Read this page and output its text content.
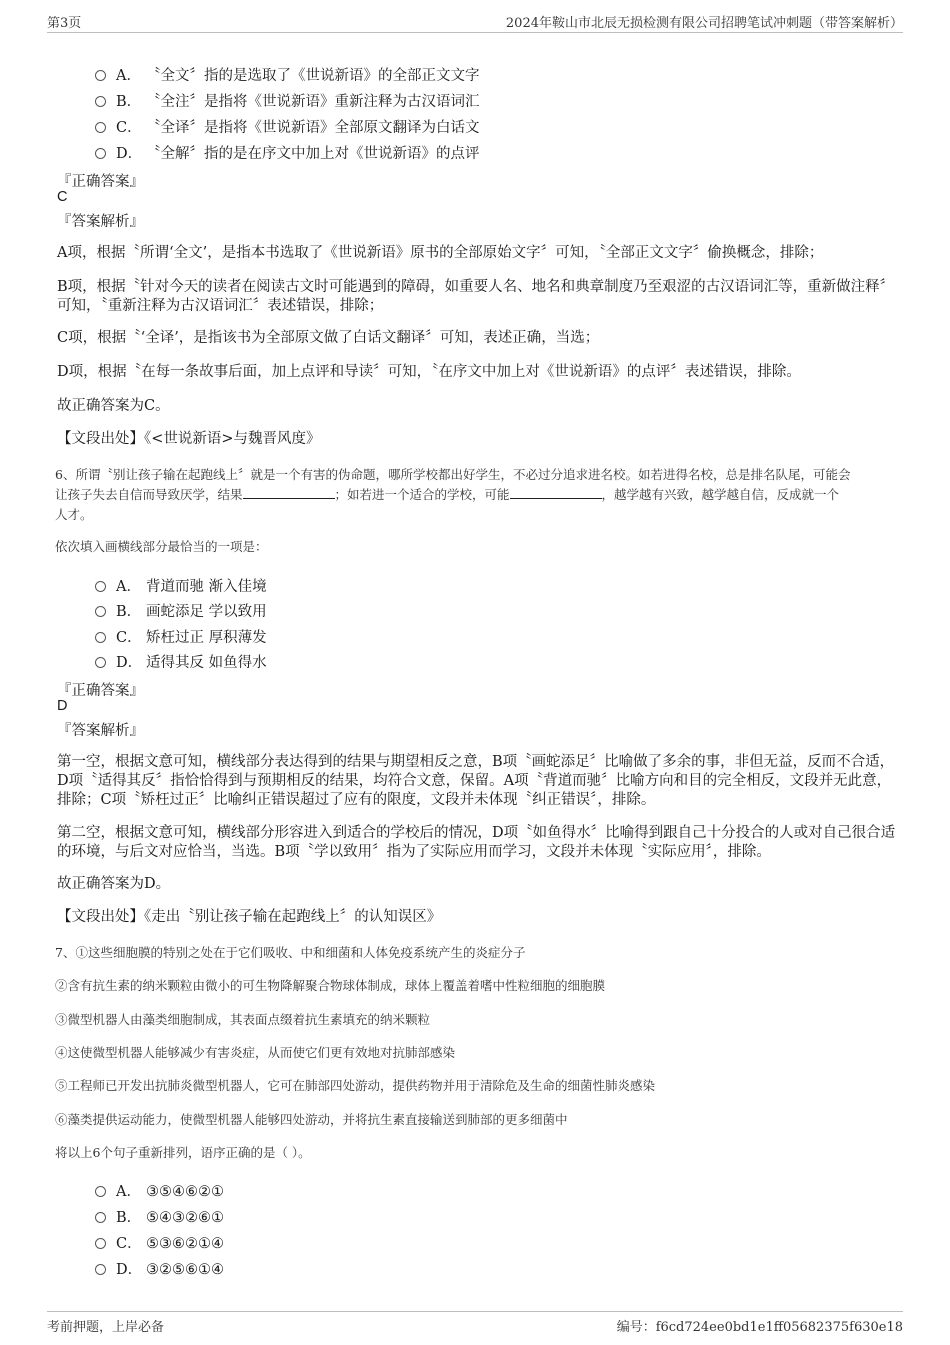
第3页	2024年鞍山市北辰无损检测有限公司招聘笔试冲刺题（带答案解析）
A． 〝全文〞指的是选取了《世说新语》的全部正文文字
B． 〝全注〞是指将《世说新语》重新注释为古汉语词汇
C． 〝全译〞是指将《世说新语》全部原文翻译为白话文
D． 〝全解〞指的是在序文中加上对《世说新语》的点评
『正确答案』
C
『答案解析』
A项，根据〝所谓‘全文’，是指本书选取了《世说新语》原书的全部原始文字〞可知，〝全部正文文字〞偷换概念，排除；
B项，根据〝针对今天的读者在阅读古文时可能遇到的障碍，如重要人名、地名和典章制度乃至艰涩的古汉语词汇等，重新做注释〞可知，〝重新注释为古汉语词汇〞表述错误，排除；
C项，根据〝‘全译’，是指该书为全部原文做了白话文翻译〞可知，表述正确，当选；
D项，根据〝在每一条故事后面，加上点评和导读〞可知，〝在序文中加上对《世说新语》的点评〞表述错误，排除。
故正确答案为C。
【文段出处】《<世说新语>与魏晋风度》
6、所谓〝别让孩子输在起跑线上〞就是一个有害的伪命题，哪所学校都出好学生，不必过分追求进名校。如若进得名校，总是排名队尾，可能会
让孩子失去自信而导致厌学，结果	；如若进一个适合的学校，可能	，越学越有兴致，越学越自信，反成就一个
人才。
依次填入画横线部分最恰当的一项是：
A． 背道而驰 渐入佳境
B． 画蛇添足 学以致用
C． 矫枉过正 厚积薄发
D． 适得其反 如鱼得水
『正确答案』
D
『答案解析』
第一空，根据文意可知，横线部分表达得到的结果与期望相反之意，B项〝画蛇添足〞比喻做了多余的事，非但无益，反而不合适，D项〝适得其反〞指恰恰得到与预期相反的结果，均符合文意，保留。A项〝背道而驰〞比喻方向和目的完全相反，文段并无此意，排除；C项〝矫枉过正〞比喻纠正错误超过了应有的限度，文段并未体现〝纠正错误〞，排除。
第二空，根据文意可知，横线部分形容进入到适合的学校后的情况，D项〝如鱼得水〞比喻得到跟自己十分投合的人或对自己很合适的环境，与后文对应恰当，当选。B项〝学以致用〞指为了实际应用而学习，文段并未体现〝实际应用〞，排除。
故正确答案为D。
【文段出处】《走出〝别让孩子输在起跑线上〞的认知误区》
7、①这些细胞膜的特别之处在于它们吸收、中和细菌和人体免疫系统产生的炎症分子
②含有抗生素的纳米颗粒由微小的可生物降解聚合物球体制成，球体上覆盖着嗜中性粒细胞的细胞膜
③微型机器人由藻类细胞制成，其表面点缀着抗生素填充的纳米颗粒
④这使微型机器人能够减少有害炎症，从而使它们更有效地对抗肺部感染
⑤工程师已开发出抗肺炎微型机器人，它可在肺部四处游动，提供药物并用于清除危及生命的细菌性肺炎感染
⑥藻类提供运动能力，使微型机器人能够四处游动，并将抗生素直接输送到肺部的更多细菌中
将以上6个句子重新排列，语序正确的是（ ）。
A． ③⑤④⑥②①
B． ⑤④③②⑥①
C． ⑤③⑥②①④
D． ③②⑤⑥①④
考前押题，上岸必备	编号：f6cd724ee0bd1e1ff05682375f630e18
